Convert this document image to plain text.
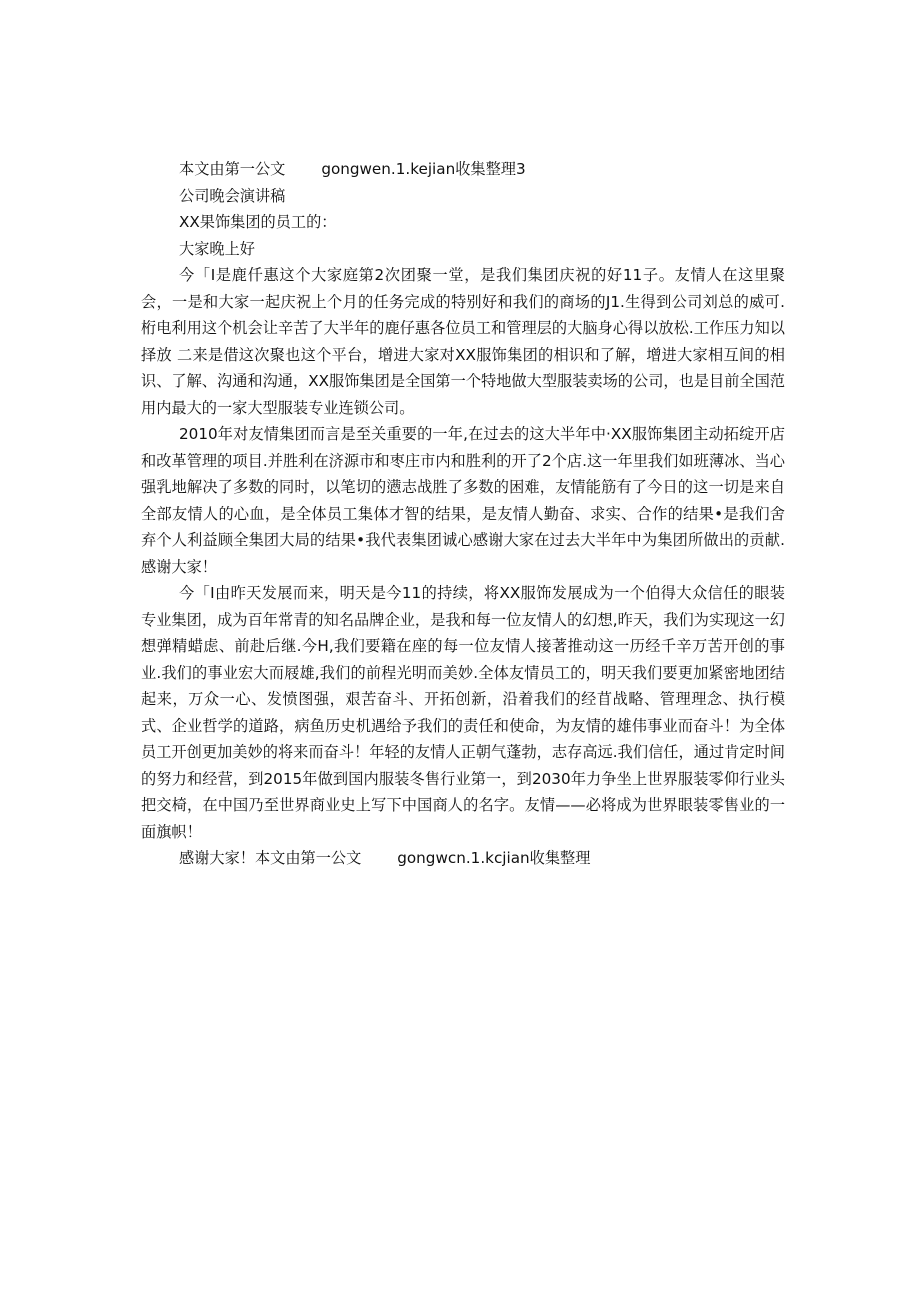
本文由第一公文 gongwen.1.kejian收集整理3

公司晚会演讲稿

XX果饰集团的员工的：

大家晚上好

今「I是鹿仟惠这个大家庭第2次团聚一堂，是我们集团庆祝的好11子。友情人在这里聚会，一是和大家一起庆祝上个月的任务完成的特别好和我们的商场的J1.生得到公司刘总的威可.桁电利用这个机会让辛苦了大半年的鹿仔惠各位员工和管理层的大脑身心得以放松.工作压力知以择放 二来是借这次聚也这个平台，增进大家对XX服饰集团的相识和了解，增进大家相互间的相识、了解、沟通和沟通，XX服饰集团是全国第一个特地做大型服装卖场的公司，也是目前全国范用内最大的一家大型服装专业连锁公司。

2010年对友情集团而言是至关重要的一年,在过去的这大半年中·XX服饰集团主动拓绽开店和改革管理的项目.并胜利在济源市和枣庄市内和胜利的开了2个店.这一年里我们如班薄冰、当心强乳地解决了多数的同时，以笔切的懑志战胜了多数的困难，友情能筋有了今日的这一切是来自全部友情人的心血，是全体员工集体才智的结果，是友情人勤奋、求实、合作的结果•是我们舍弃个人利益顾全集团大局的结果•我代表集团诚心感谢大家在过去大半年中为集团所做出的贡献.感谢大家！

今「I由昨天发展而来，明天是今11的持续，将XX服饰发展成为一个伯得大众信任的眼装专业集团，成为百年常青的知名品牌企业，是我和每一位友情人的幻想,昨天，我们为实现这一幻想弹精蜡虑、前赴后继.今H,我们要籍在座的每一位友情人接著推动这一历经千辛万苦开创的事业.我们的事业宏大而屐雄,我们的前程光明而美妙.全体友情员工的，明天我们要更加紧密地团结起来，万众一心、发愤图强，艰苦奋斗、开拓创新，沿着我们的经苜战略、管理理念、执行模式、企业哲学的道路，病鱼历史机遇给予我们的责任和使命，为友情的雄伟事业而奋斗！为全体员工开创更加美妙的将来而奋斗！年轻的友情人正朝气蓬勃，志存高远.我们信任，通过肯定时间的努力和经营，到2015年做到国内服装冬售行业第一，到2030年力争坐上世界服装零仰行业头把交椅，在中国乃至世界商业史上写下中国商人的名字。友情——必将成为世界眼装零售业的一面旗帜！

感谢大家！本文由第一公文 gongwcn.1.kcjian收集整理
